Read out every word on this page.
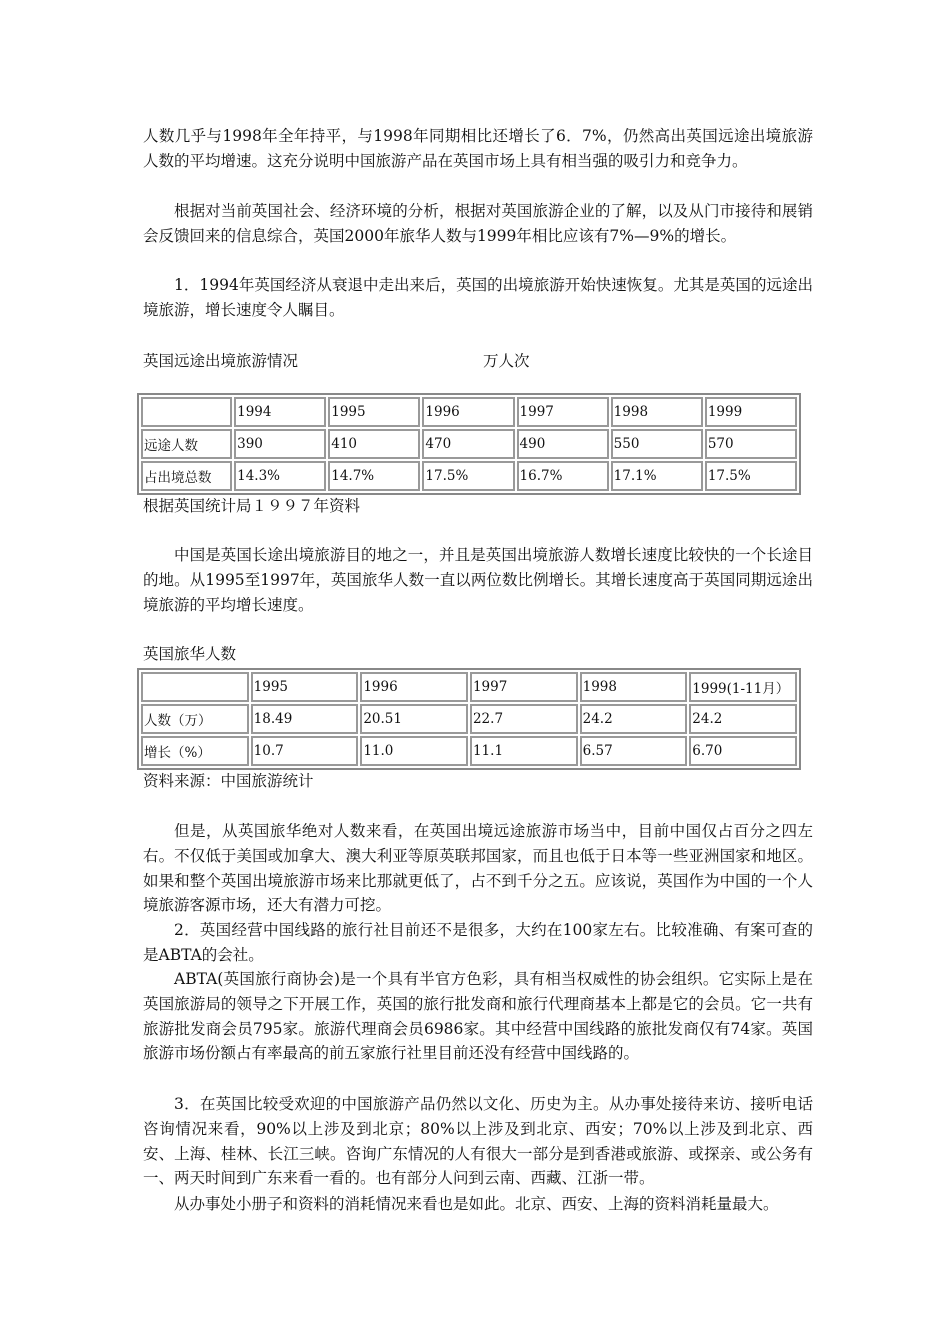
人数几乎与1998年全年持平，与1998年同期相比还增长了6．7%，仍然高出英国远途出境旅游人数的平均增速。这充分说明中国旅游产品在英国市场上具有相当强的吸引力和竞争力。

根据对当前英国社会、经济环境的分析，根据对英国旅游企业的了解，以及从门市接待和展销会反馈回来的信息综合，英国2000年旅华人数与1999年相比应该有7%—9%的增长。

1．1994年英国经济从衰退中走出来后，英国的出境旅游开始快速恢复。尤其是英国的远途出境旅游，增长速度令人瞩目。

英国远途出境旅游情况	万人次

	1994	1995	1996	1997	1998	1999
远途人数	390	410	470	490	550	570
占出境总数	14.3%	14.7%	17.5%	16.7%	17.1%	17.5%

根据英国统计局１９９７年资料

中国是英国长途出境旅游目的地之一，并且是英国出境旅游人数增长速度比较快的一个长途目的地。从1995至1997年，英国旅华人数一直以两位数比例增长。其增长速度高于英国同期远途出境旅游的平均增长速度。

英国旅华人数

	1995	1996	1997	1998	1999(1-11月）
人数（万）	18.49	20.51	22.7	24.2	24.2
增长（%）	10.7	11.0	11.1	6.57	6.70

资料来源：中国旅游统计

但是，从英国旅华绝对人数来看，在英国出境远途旅游市场当中，目前中国仅占百分之四左右。不仅低于美国或加拿大、澳大利亚等原英联邦国家，而且也低于日本等一些亚洲国家和地区。如果和整个英国出境旅游市场来比那就更低了，占不到千分之五。应该说，英国作为中国的一个人境旅游客源市场，还大有潜力可挖。

2．英国经营中国线路的旅行社目前还不是很多，大约在100家左右。比较准确、有案可查的是ABTA的会社。

ABTA(英国旅行商协会)是一个具有半官方色彩，具有相当权威性的协会组织。它实际上是在英国旅游局的领导之下开展工作，英国的旅行批发商和旅行代理商基本上都是它的会员。它一共有旅游批发商会员795家。旅游代理商会员6986家。其中经营中国线路的旅批发商仅有74家。英国旅游市场份额占有率最高的前五家旅行社里目前还没有经营中国线路的。

3．在英国比较受欢迎的中国旅游产品仍然以文化、历史为主。从办事处接待来访、接听电话咨询情况来看，90%以上涉及到北京；80%以上涉及到北京、西安；70%以上涉及到北京、西安、上海、桂林、长江三峡。咨询广东情况的人有很大一部分是到香港或旅游、或探亲、或公务有一、两天时间到广东来看一看的。也有部分人问到云南、西藏、江浙一带。

从办事处小册子和资料的消耗情况来看也是如此。北京、西安、上海的资料消耗量最大。
